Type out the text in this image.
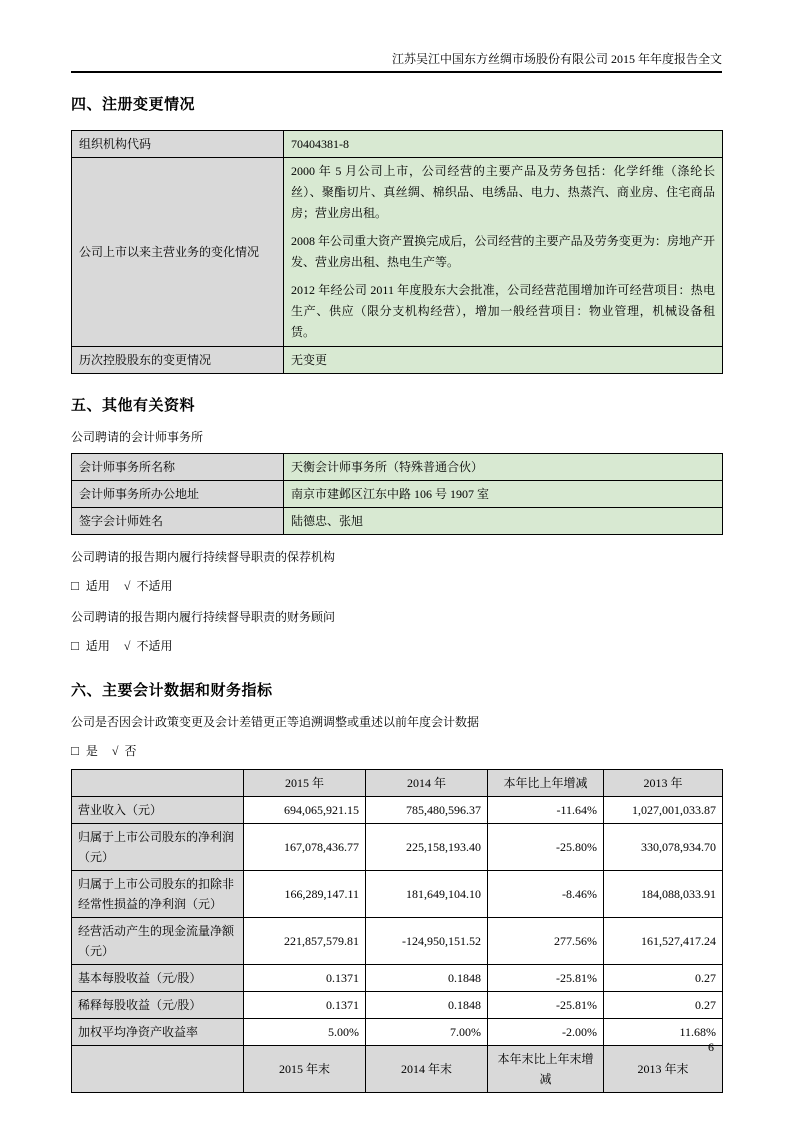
江苏吴江中国东方丝绸市场股份有限公司 2015 年年度报告全文
四、注册变更情况
组织机构代码	70404381-8
公司上市以来主营业务的变化情况	2000 年 5 月公司上市，公司经营的主要产品及劳务包括：化学纤维（涤纶长丝）、聚酯切片、真丝绸、棉织品、电绣品、电力、热蒸汽、商业房、住宅商品房；营业房出租。

2008 年公司重大资产置换完成后，公司经营的主要产品及劳务变更为：房地产开发、营业房出租、热电生产等。

2012 年经公司 2011 年度股东大会批准，公司经营范围增加许可经营项目：热电生产、供应（限分支机构经营），增加一般经营项目：物业管理，机械设备租赁。

历次控股股东的变更情况	无变更
五、其他有关资料

公司聘请的会计师事务所

会计师事务所名称	天衡会计师事务所（特殊普通合伙）
会计师事务所办公地址	南京市建邺区江东中路 106 号 1907 室
签字会计师姓名	陆德忠、张旭

公司聘请的报告期内履行持续督导职责的保荐机构

□ 适用 √ 不适用

公司聘请的报告期内履行持续督导职责的财务顾问

□ 适用 √ 不适用

六、主要会计数据和财务指标

公司是否因会计政策变更及会计差错更正等追溯调整或重述以前年度会计数据

□ 是 √ 否

	2015 年	2014 年	本年比上年增减	2013 年
营业收入（元）	694,065,921.15	785,480,596.37	-11.64%	1,027,001,033.87
归属于上市公司股东的净利润（元）	167,078,436.77	225,158,193.40	-25.80%	330,078,934.70
归属于上市公司股东的扣除非经常性损益的净利润（元）	166,289,147.11	181,649,104.10	-8.46%	184,088,033.91
经营活动产生的现金流量净额（元）	221,857,579.81	-124,950,151.52	277.56%	161,527,417.24
基本每股收益（元/股）	0.1371	0.1848	-25.81%	0.27
稀释每股收益（元/股）	0.1371	0.1848	-25.81%	0.27
加权平均净资产收益率	5.00%	7.00%	-2.00%	11.68%
	2015 年末	2014 年末	本年末比上年末增减	2013 年末
6
